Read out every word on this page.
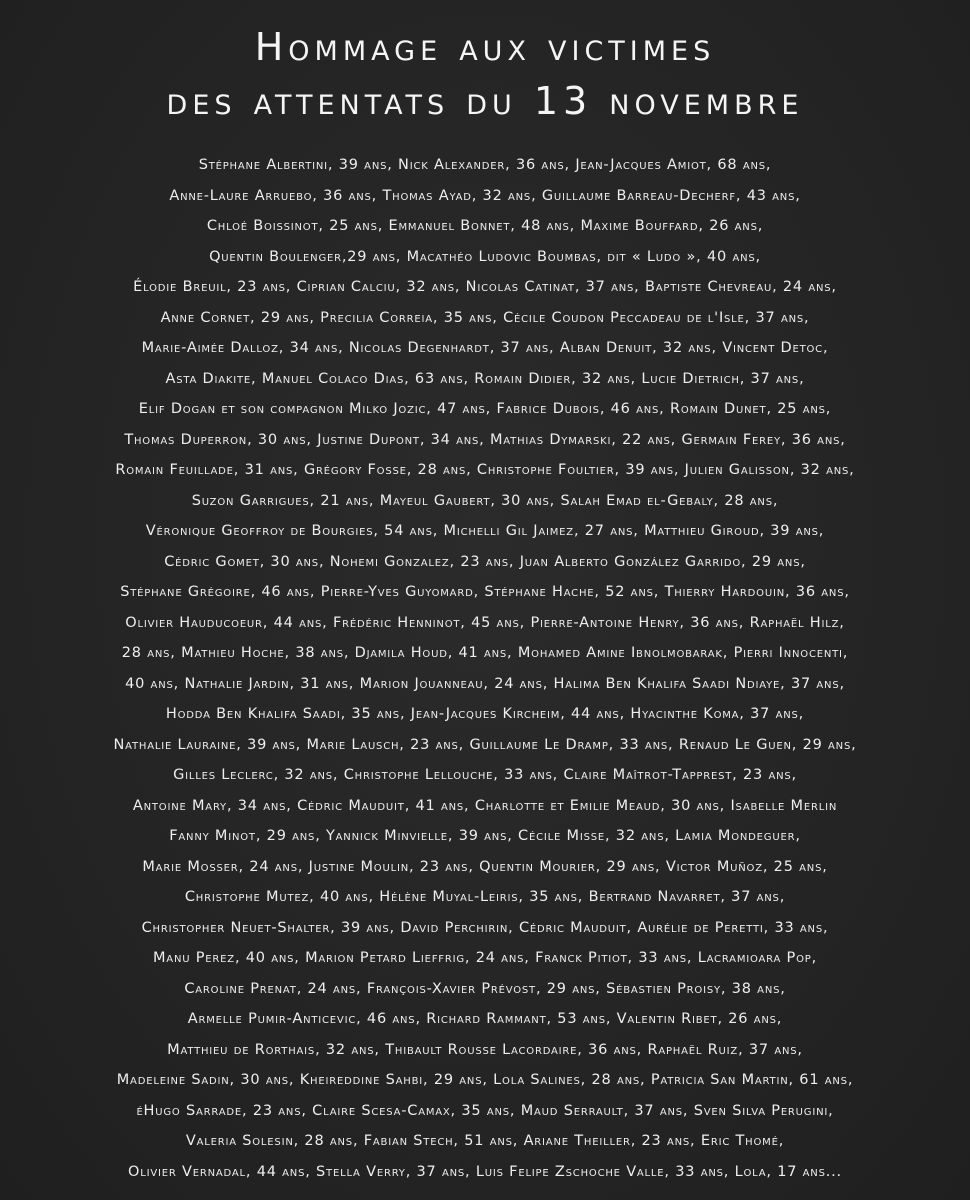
Hommage aux victimes
des attentats du 13 novembre
Stéphane Albertini, 39 ans, Nick Alexander, 36 ans, Jean-Jacques Amiot, 68 ans,
Anne-Laure Arruebo, 36 ans, Thomas Ayad, 32 ans, Guillaume Barreau-Decherf, 43 ans,
Chloé Boissinot, 25 ans, Emmanuel Bonnet, 48 ans, Maxime Bouffard, 26 ans,
Quentin Boulenger,29 ans, Macathéo Ludovic Boumbas, dit « Ludo », 40 ans,
Élodie Breuil, 23 ans, Ciprian Calciu, 32 ans, Nicolas Catinat, 37 ans, Baptiste Chevreau, 24 ans,
Anne Cornet, 29 ans, Precilia Correia, 35 ans, Cécile Coudon Peccadeau de l'Isle, 37 ans,
Marie-Aimée Dalloz, 34 ans, Nicolas Degenhardt, 37 ans, Alban Denuit, 32 ans, Vincent Detoc,
Asta Diakite, Manuel Colaco Dias, 63 ans, Romain Didier, 32 ans, Lucie Dietrich, 37 ans,
Elif Dogan et son compagnon Milko Jozic, 47 ans, Fabrice Dubois, 46 ans, Romain Dunet, 25 ans,
Thomas Duperron, 30 ans, Justine Dupont, 34 ans, Mathias Dymarski, 22 ans, Germain Ferey, 36 ans,
Romain Feuillade, 31 ans, Grégory Fosse, 28 ans, Christophe Foultier, 39 ans, Julien Galisson, 32 ans,
Suzon Garrigues, 21 ans, Mayeul Gaubert, 30 ans, Salah Emad el-Gebaly, 28 ans,
Véronique Geoffroy de Bourgies, 54 ans, Michelli Gil Jaimez, 27 ans, Matthieu Giroud, 39 ans,
Cédric Gomet, 30 ans, Nohemi Gonzalez, 23 ans, Juan Alberto González Garrido, 29 ans,
Stéphane Grégoire, 46 ans, Pierre-Yves Guyomard, Stéphane Hache, 52 ans, Thierry Hardouin, 36 ans,
Olivier Hauducoeur, 44 ans, Frédéric Henninot, 45 ans, Pierre-Antoine Henry, 36 ans, Raphaël Hilz,
28 ans, Mathieu Hoche, 38 ans, Djamila Houd, 41 ans, Mohamed Amine Ibnolmobarak, Pierri Innocenti,
40 ans, Nathalie Jardin, 31 ans, Marion Jouanneau, 24 ans, Halima Ben Khalifa Saadi Ndiaye, 37 ans,
Hodda Ben Khalifa Saadi, 35 ans, Jean-Jacques Kircheim, 44 ans, Hyacinthe Koma, 37 ans,
Nathalie Lauraine, 39 ans, Marie Lausch, 23 ans, Guillaume Le Dramp, 33 ans, Renaud Le Guen, 29 ans,
Gilles Leclerc, 32 ans, Christophe Lellouche, 33 ans, Claire Maîtrot-Tapprest, 23 ans,
Antoine Mary, 34 ans, Cédric Mauduit, 41 ans, Charlotte et Emilie Meaud, 30 ans, Isabelle Merlin
Fanny Minot, 29 ans, Yannick Minvielle, 39 ans, Cécile Misse, 32 ans, Lamia Mondeguer,
Marie Mosser, 24 ans, Justine Moulin, 23 ans, Quentin Mourier, 29 ans, Victor Muñoz, 25 ans,
Christophe Mutez, 40 ans, Hélène Muyal-Leiris, 35 ans, Bertrand Navarret, 37 ans,
Christopher Neuet-Shalter, 39 ans, David Perchirin, Cédric Mauduit, Aurélie de Peretti, 33 ans,
Manu Perez, 40 ans, Marion Petard Lieffrig, 24 ans, Franck Pitiot, 33 ans, Lacramioara Pop,
Caroline Prenat, 24 ans, François-Xavier Prévost, 29 ans, Sébastien Proisy, 38 ans,
Armelle Pumir-Anticevic, 46 ans, Richard Rammant, 53 ans, Valentin Ribet, 26 ans,
Matthieu de Rorthais, 32 ans, Thibault Rousse Lacordaire, 36 ans, Raphaël Ruiz, 37 ans,
Madeleine Sadin, 30 ans, Kheireddine Sahbi, 29 ans, Lola Salines, 28 ans, Patricia San Martin, 61 ans,
éHugo Sarrade, 23 ans, Claire Scesa-Camax, 35 ans, Maud Serrault, 37 ans, Sven Silva Perugini,
Valeria Solesin, 28 ans, Fabian Stech, 51 ans, Ariane Theiller, 23 ans, Eric Thomé,
Olivier Vernadal, 44 ans, Stella Verry, 37 ans, Luis Felipe Zschoche Valle, 33 ans, Lola, 17 ans...
